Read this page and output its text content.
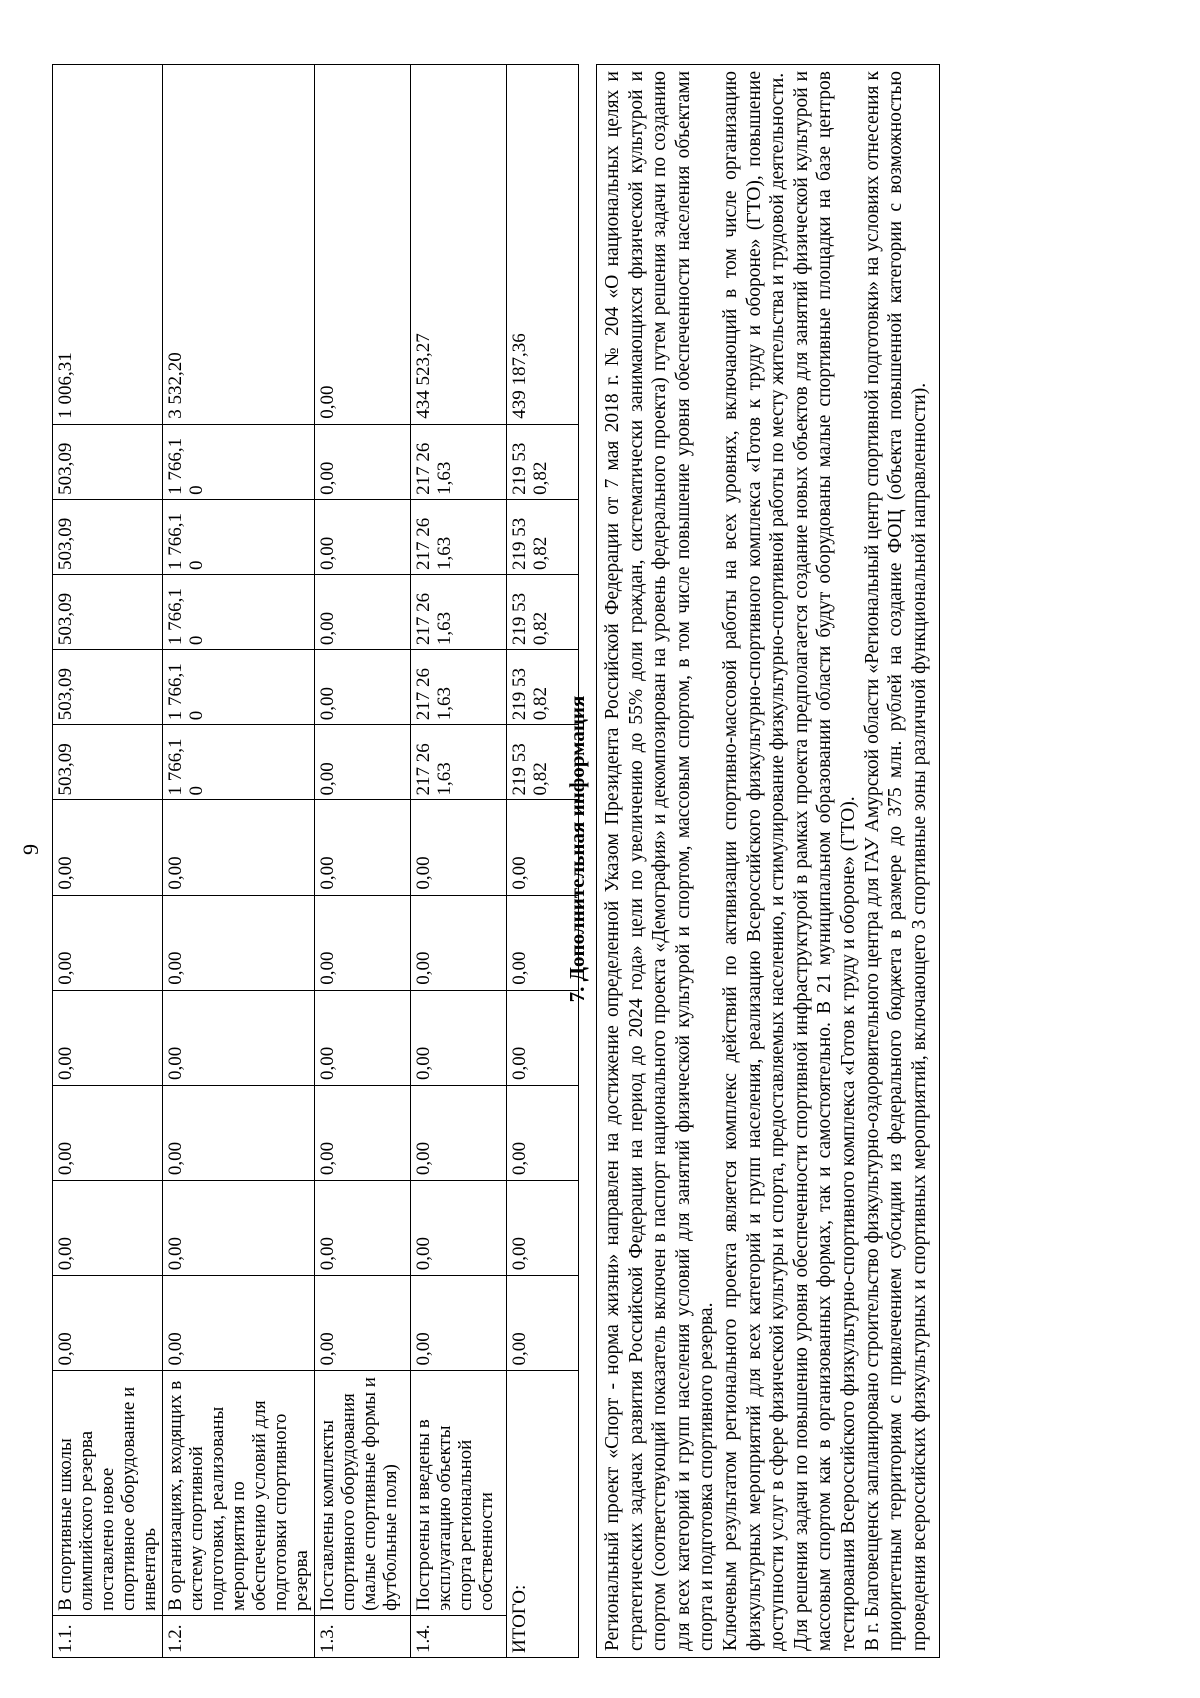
9
1.1.	В спортивные школы олимпийского резерва поставлено новое спортивное оборудование и инвентарь	0,00	0,00	0,00	0,00	0,00	0,00	503,09	503,09	503,09	503,09	503,09	1 006,31
1.2.	В организациях, входящих в систему спортивной подготовки, реализованы мероприятия по обеспечению условий для подготовки спортивного резерва	0,00	0,00	0,00	0,00	0,00	0,00	1 766,10	1 766,10	1 766,10	1 766,10	1 766,10	3 532,20
1.3.	Поставлены комплекты спортивного оборудования (малые спортивные формы и футбольные поля)	0,00	0,00	0,00	0,00	0,00	0,00	0,00	0,00	0,00	0,00	0,00	0,00
1.4.	Построены и введены в эксплуатацию объекты спорта региональной собственности	0,00	0,00	0,00	0,00	0,00	0,00	217 261,63	217 261,63	217 261,63	217 261,63	217 261,63	434 523,27
ИТОГО:		0,00	0,00	0,00	0,00	0,00	0,00	219 530,82	219 530,82	219 530,82	219 530,82	219 530,82	439 187,36
7. Дополнительная информация Региональный проект «Спорт - норма жизни» направлен на достижение определенной Указом Президента Российской Федерации от 7 мая 2018 г. № 204 «О национальных целях и стратегических задачах развития Российской Федерации на период до 2024 года» цели по увеличению до 55% доли граждан, систематически занимающихся физической культурой и спортом (соответствующий показатель включен в паспорт национального проекта «Демография» и декомпозирован на уровень федерального проекта) путем решения задачи по созданию для всех категорий и групп населения условий для занятий физической культурой и спортом, массовым спортом, в том числе повышение уровня обеспеченности населения объектами спорта и подготовка спортивного резерва. Ключевым результатом регионального проекта является комплекс действий по активизации спортивно-массовой работы на всех уровнях, включающий в том числе организацию физкультурных мероприятий для всех категорий и групп населения, реализацию Всероссийского физкультурно-спортивного комплекса «Готов к труду и обороне» (ГТО), повышение доступности услуг в сфере физической культуры и спорта, предоставляемых населению, и стимулирование физкультурно-спортивной работы по месту жительства и трудовой деятельности. Для решения задачи по повышению уровня обеспеченности спортивной инфраструктурой в рамках проекта предполагается создание новых объектов для занятий физической культурой и массовым спортом как в организованных формах, так и самостоятельно. В 21 муниципальном образовании области будут оборудованы малые спортивные площадки на базе центров тестирования Всероссийского физкультурно-спортивного комплекса «Готов к труду и обороне» (ГТО). В г. Благовещенск запланировано строительство физкультурно-оздоровительного центра для ГАУ Амурской области «Региональный центр спортивной подготовки» на условиях отнесения к приоритетным территориям с привлечением субсидии из федерального бюджета в размере до 375 млн. рублей на создание ФОЦ (объекта повышенной категории с возможностью проведения всероссийских физкультурных и спортивных мероприятий, включающего 3 спортивные зоны различной функциональной направленности).
